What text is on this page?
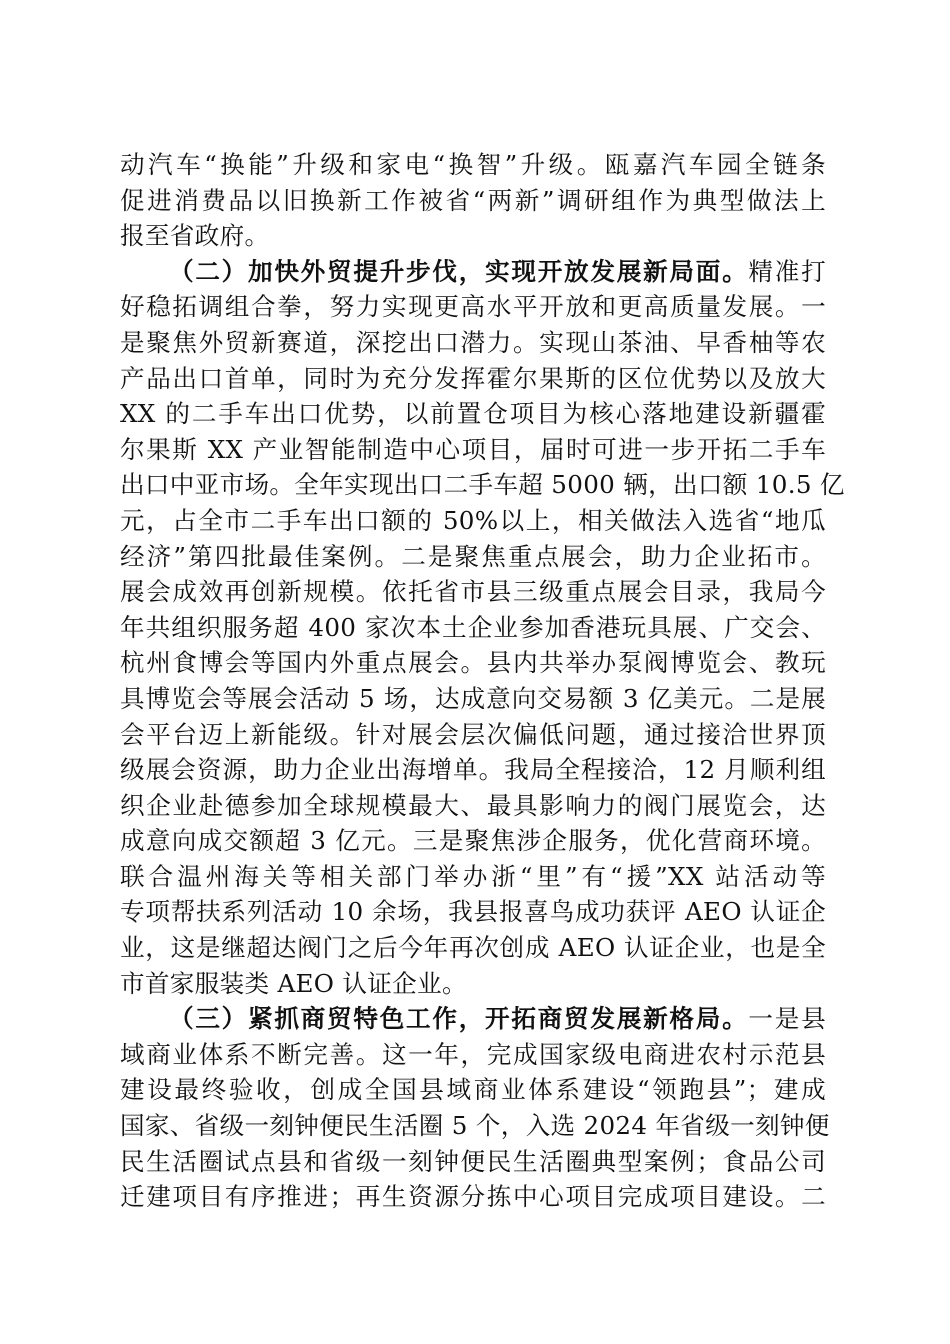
动汽车“换能”升级和家电“换智”升级。瓯嘉汽车园全链条
促进消费品以旧换新工作被省“两新”调研组作为典型做法上
报至省政府。
（二）加快外贸提升步伐，实现开放发展新局面。精准打
好稳拓调组合拳，努力实现更高水平开放和更高质量发展。一
是聚焦外贸新赛道，深挖出口潜力。实现山茶油、早香柚等农
产品出口首单，同时为充分发挥霍尔果斯的区位优势以及放大
XX 的二手车出口优势，以前置仓项目为核心落地建设新疆霍
尔果斯 XX 产业智能制造中心项目，届时可进一步开拓二手车
出口中亚市场。全年实现出口二手车超 5000 辆，出口额 10.5 亿
元，占全市二手车出口额的 50%以上，相关做法入选省“地瓜
经济”第四批最佳案例。二是聚焦重点展会，助力企业拓市。
展会成效再创新规模。依托省市县三级重点展会目录，我局今
年共组织服务超 400 家次本土企业参加香港玩具展、广交会、
杭州食博会等国内外重点展会。县内共举办泵阀博览会、教玩
具博览会等展会活动 5 场，达成意向交易额 3 亿美元。二是展
会平台迈上新能级。针对展会层次偏低问题，通过接洽世界顶
级展会资源，助力企业出海增单。我局全程接洽，12 月顺利组
织企业赴德参加全球规模最大、最具影响力的阀门展览会，达
成意向成交额超 3 亿元。三是聚焦涉企服务，优化营商环境。
联合温州海关等相关部门举办浙“里”有“援”XX 站活动等
专项帮扶系列活动 10 余场，我县报喜鸟成功获评 AEO 认证企
业，这是继超达阀门之后今年再次创成 AEO 认证企业，也是全
市首家服装类 AEO 认证企业。
（三）紧抓商贸特色工作，开拓商贸发展新格局。一是县
域商业体系不断完善。这一年，完成国家级电商进农村示范县
建设最终验收，创成全国县域商业体系建设“领跑县”；建成
国家、省级一刻钟便民生活圈 5 个，入选 2024 年省级一刻钟便
民生活圈试点县和省级一刻钟便民生活圈典型案例；食品公司
迁建项目有序推进；再生资源分拣中心项目完成项目建设。二
